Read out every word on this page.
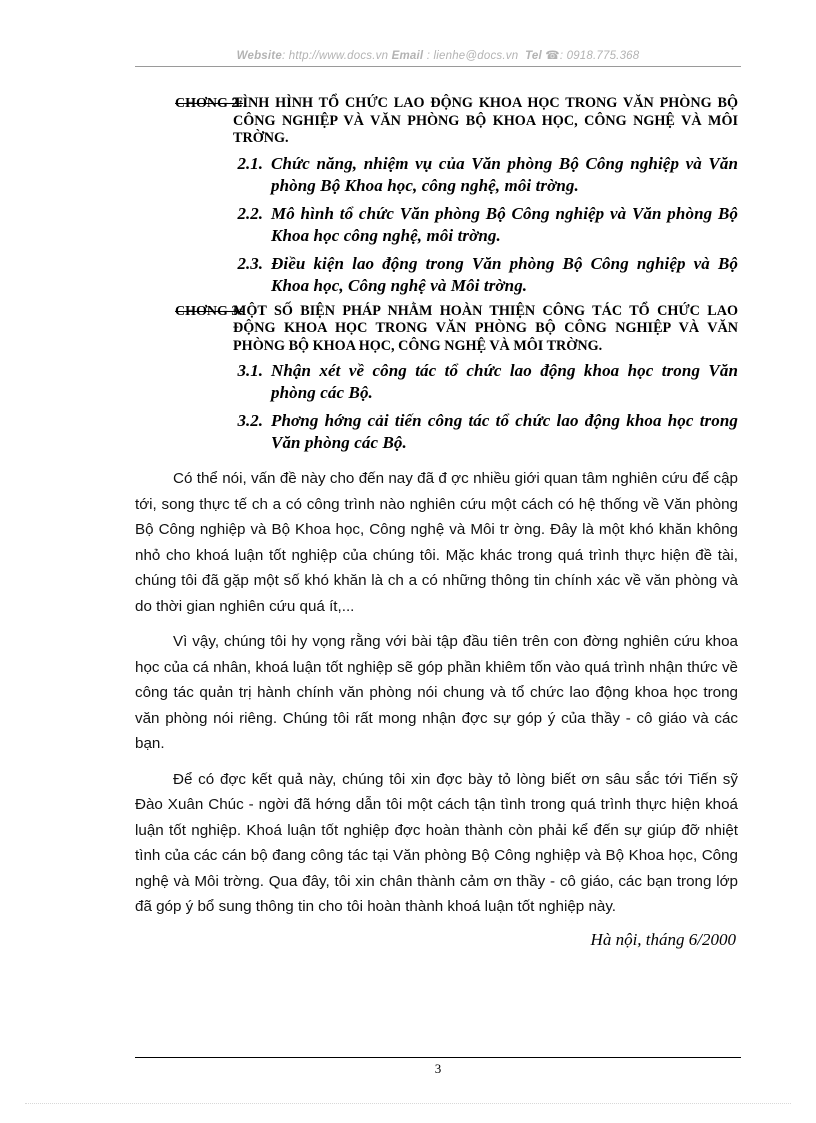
Website: http://www.docs.vn Email : lienhe@docs.vn Tel ☎: 0918.775.368
CHƠNG 2:
TÌNH HÌNH TỔ CHỨC LAO ĐỘNG KHOA HỌC TRONG VĂN PHÒNG BỘ CÔNG NGHIỆP VÀ VĂN PHÒNG BỘ KHOA HỌC, CÔNG NGHỆ VÀ MÔI TRỜNG.
2.1. Chức năng, nhiệm vụ của Văn phòng Bộ Công nghiệp và Văn phòng Bộ Khoa học, công nghệ, môi trờng.
2.2. Mô hình tổ chức Văn phòng Bộ Công nghiệp và Văn phòng Bộ Khoa học công nghệ, môi trờng.
2.3. Điều kiện lao động trong Văn phòng Bộ Công nghiệp và Bộ Khoa học, Công nghệ và Môi trờng.
CHƠNG 3:
MỘT SỐ BIỆN PHÁP NHẰM HOÀN THIỆN CÔNG TÁC TỔ CHỨC LAO ĐỘNG KHOA HỌC TRONG VĂN PHÒNG BỘ CÔNG NGHIỆP VÀ VĂN PHÒNG BỘ KHOA HỌC, CÔNG NGHỆ VÀ MÔI TRỜNG.
3.1. Nhận xét về công tác tổ chức lao động khoa học trong Văn phòng các Bộ.
3.2. Phơng hớng cải tiến công tác tổ chức lao động khoa học trong Văn phòng các Bộ.

Có thể nói, vấn đề này cho đến nay đã đ ợc nhiều giới quan tâm nghiên cứu để cập tới, song thực tế ch a có công trình nào nghiên cứu một cách có hệ thống về Văn phòng Bộ Công nghiệp và Bộ Khoa học, Công nghệ và Môi tr ờng. Đây là một khó khăn không nhỏ cho khoá luận tốt nghiệp của chúng tôi. Mặc khác trong quá trình thực hiện đề tài, chúng tôi đã gặp một số khó khăn là ch a có những thông tin chính xác về văn phòng và do thời gian nghiên cứu quá ít,...

Vì vậy, chúng tôi hy vọng rằng với bài tập đầu tiên trên con đờng nghiên cứu khoa học của cá nhân, khoá luận tốt nghiệp sẽ góp phần khiêm tốn vào quá trình nhận thức về công tác quản trị hành chính văn phòng nói chung và tổ chức lao động khoa học trong văn phòng nói riêng. Chúng tôi rất mong nhận đợc sự góp ý của thầy - cô giáo và các bạn.

Để có đợc kết quả này, chúng tôi xin đợc bày tỏ lòng biết ơn sâu sắc tới Tiến sỹ Đào Xuân Chúc - ngời đã hớng dẫn tôi một cách tận tình trong quá trình thực hiện khoá luận tốt nghiệp. Khoá luận tốt nghiệp đợc hoàn thành còn phải kể đến sự giúp đỡ nhiệt tình của các cán bộ đang công tác tại Văn phòng Bộ Công nghiệp và Bộ Khoa học, Công nghệ và Môi trờng. Qua đây, tôi xin chân thành cảm ơn thầy - cô giáo, các bạn trong lớp đã góp ý bổ sung thông tin cho tôi hoàn thành khoá luận tốt nghiệp này.

Hà nội, tháng 6/2000
3
